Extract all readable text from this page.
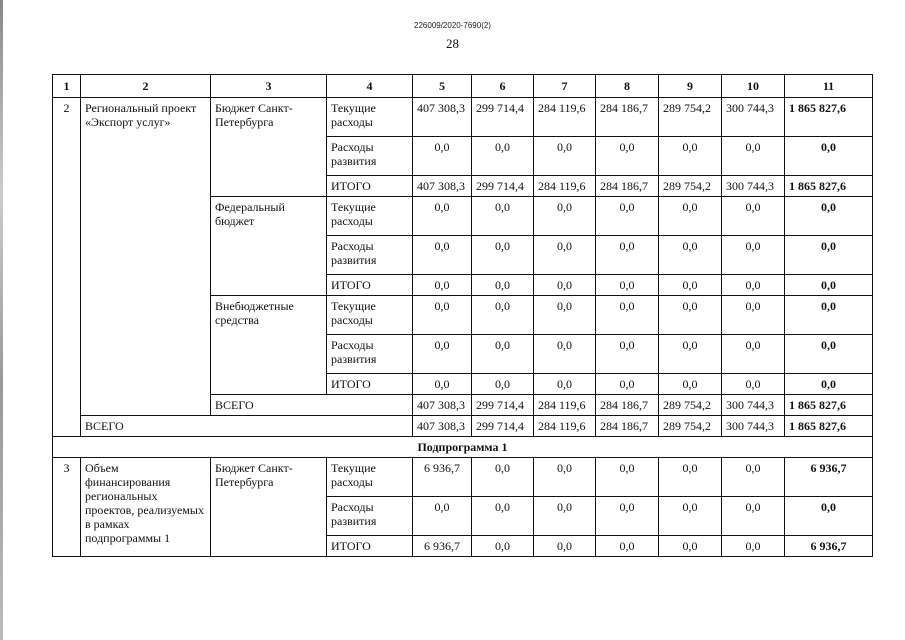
226009/2020-7690(2)
28
1	2	3	4	5	6	7	8	9	10	11
2	Региональный проект «Экспорт услуг»	Бюджет Санкт-Петербурга	Текущие расходы	407 308,3	299 714,4	284 119,6	284 186,7	289 754,2	300 744,3	1 865 827,6
			Расходы развития	0,0	0,0	0,0	0,0	0,0	0,0	0,0
			ИТОГО	407 308,3	299 714,4	284 119,6	284 186,7	289 754,2	300 744,3	1 865 827,6
		Федеральный бюджет	Текущие расходы	0,0	0,0	0,0	0,0	0,0	0,0	0,0
			Расходы развития	0,0	0,0	0,0	0,0	0,0	0,0	0,0
			ИТОГО	0,0	0,0	0,0	0,0	0,0	0,0	0,0
		Внебюджетные средства	Текущие расходы	0,0	0,0	0,0	0,0	0,0	0,0	0,0
			Расходы развития	0,0	0,0	0,0	0,0	0,0	0,0	0,0
			ИТОГО	0,0	0,0	0,0	0,0	0,0	0,0	0,0
		ВСЕГО		407 308,3	299 714,4	284 119,6	284 186,7	289 754,2	300 744,3	1 865 827,6
	ВСЕГО			407 308,3	299 714,4	284 119,6	284 186,7	289 754,2	300 744,3	1 865 827,6
Подпрограмма 1										
3	Объем финансирования региональных проектов, реализуемых в рамках подпрограммы 1	Бюджет Санкт-Петербурга	Текущие расходы	6 936,7	0,0	0,0	0,0	0,0	0,0	6 936,7
			Расходы развития	0,0	0,0	0,0	0,0	0,0	0,0	0,0
			ИТОГО	6 936,7	0,0	0,0	0,0	0,0	0,0	6 936,7
